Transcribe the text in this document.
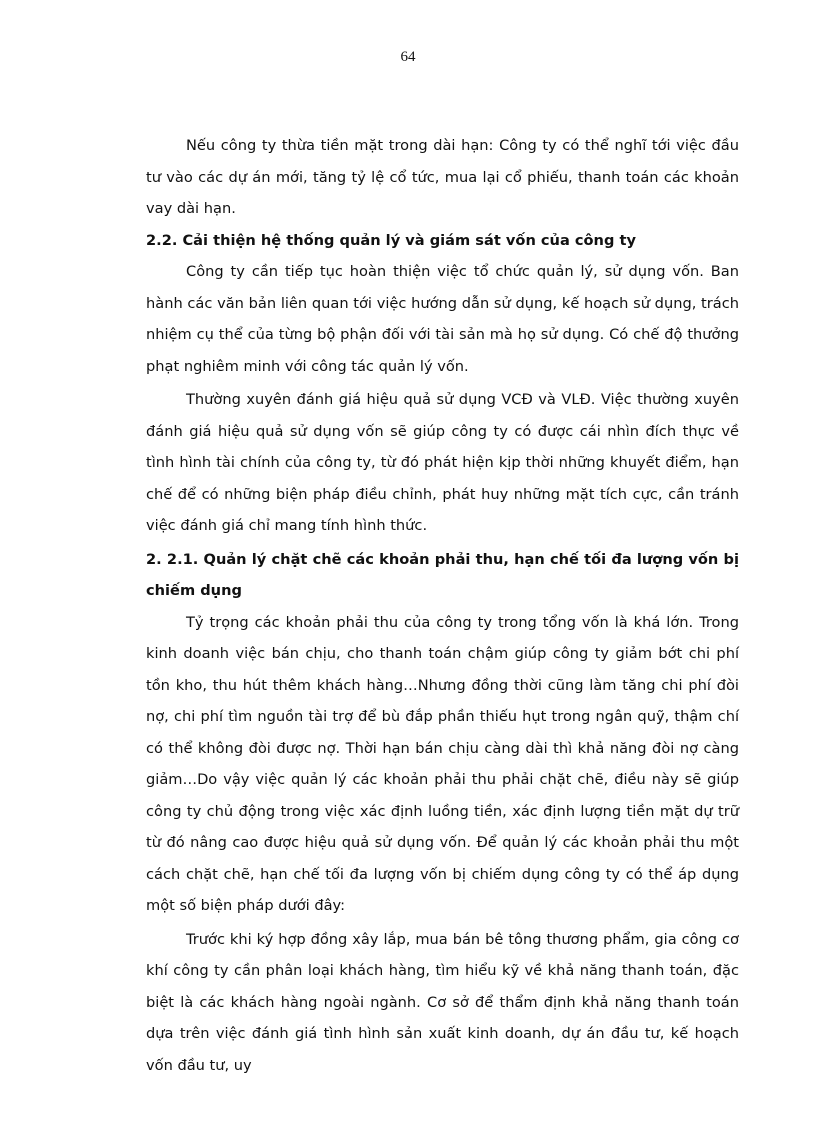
64

Nếu công ty thừa tiền mặt trong dài hạn: Công ty có thể nghĩ tới việc đầu tư vào các dự án mới, tăng tỷ lệ cổ tức, mua lại cổ phiếu, thanh toán các khoản vay dài hạn.

2.2. Cải thiện hệ thống quản lý và giám sát vốn của công ty

Công ty cần tiếp tục hoàn thiện việc tổ chức quản lý, sử dụng vốn. Ban hành các văn bản liên quan tới việc hướng dẫn sử dụng, kế hoạch sử dụng, trách nhiệm cụ thể của từng bộ phận đối với tài sản mà họ sử dụng. Có chế độ thưởng phạt nghiêm minh với công tác quản lý vốn.

Thường xuyên đánh giá hiệu quả sử dụng VCĐ và VLĐ. Việc thường xuyên đánh giá hiệu quả sử dụng vốn sẽ giúp công ty có được cái nhìn đích thực về tình hình tài chính của công ty, từ đó phát hiện kịp thời những khuyết điểm, hạn chế để có những biện pháp điều chỉnh, phát huy những mặt tích cực, cần tránh việc đánh giá chỉ mang tính hình thức.

2. 2.1. Quản lý chặt chẽ các khoản phải thu, hạn chế tối đa lượng vốn bị chiếm dụng

Tỷ trọng các khoản phải thu của công ty trong tổng vốn là khá lớn. Trong kinh doanh việc bán chịu, cho thanh toán chậm giúp công ty giảm bớt chi phí tồn kho, thu hút thêm khách hàng…Nhưng đồng thời cũng làm tăng chi phí đòi nợ, chi phí tìm nguồn tài trợ để bù đắp phần thiếu hụt trong ngân quỹ, thậm chí có thể không đòi được nợ. Thời hạn bán chịu càng dài thì khả năng đòi nợ càng giảm…Do vậy việc quản lý các khoản phải thu phải chặt chẽ, điều này sẽ giúp công ty chủ động trong việc xác định luồng tiền, xác định lượng tiền mặt dự trữ từ đó nâng cao được hiệu quả sử dụng vốn. Để quản lý các khoản phải thu một cách chặt chẽ, hạn chế tối đa lượng vốn bị chiếm dụng công ty có thể áp dụng một số biện pháp dưới đây:

Trước khi ký hợp đồng xây lắp, mua bán bê tông thương phẩm, gia công cơ khí công ty cần phân loại khách hàng, tìm hiểu kỹ về khả năng thanh toán, đặc biệt là các khách hàng ngoài ngành. Cơ sở để thẩm định khả năng thanh toán dựa trên việc đánh giá tình hình sản xuất kinh doanh, dự án đầu tư, kế hoạch vốn đầu tư, uy
